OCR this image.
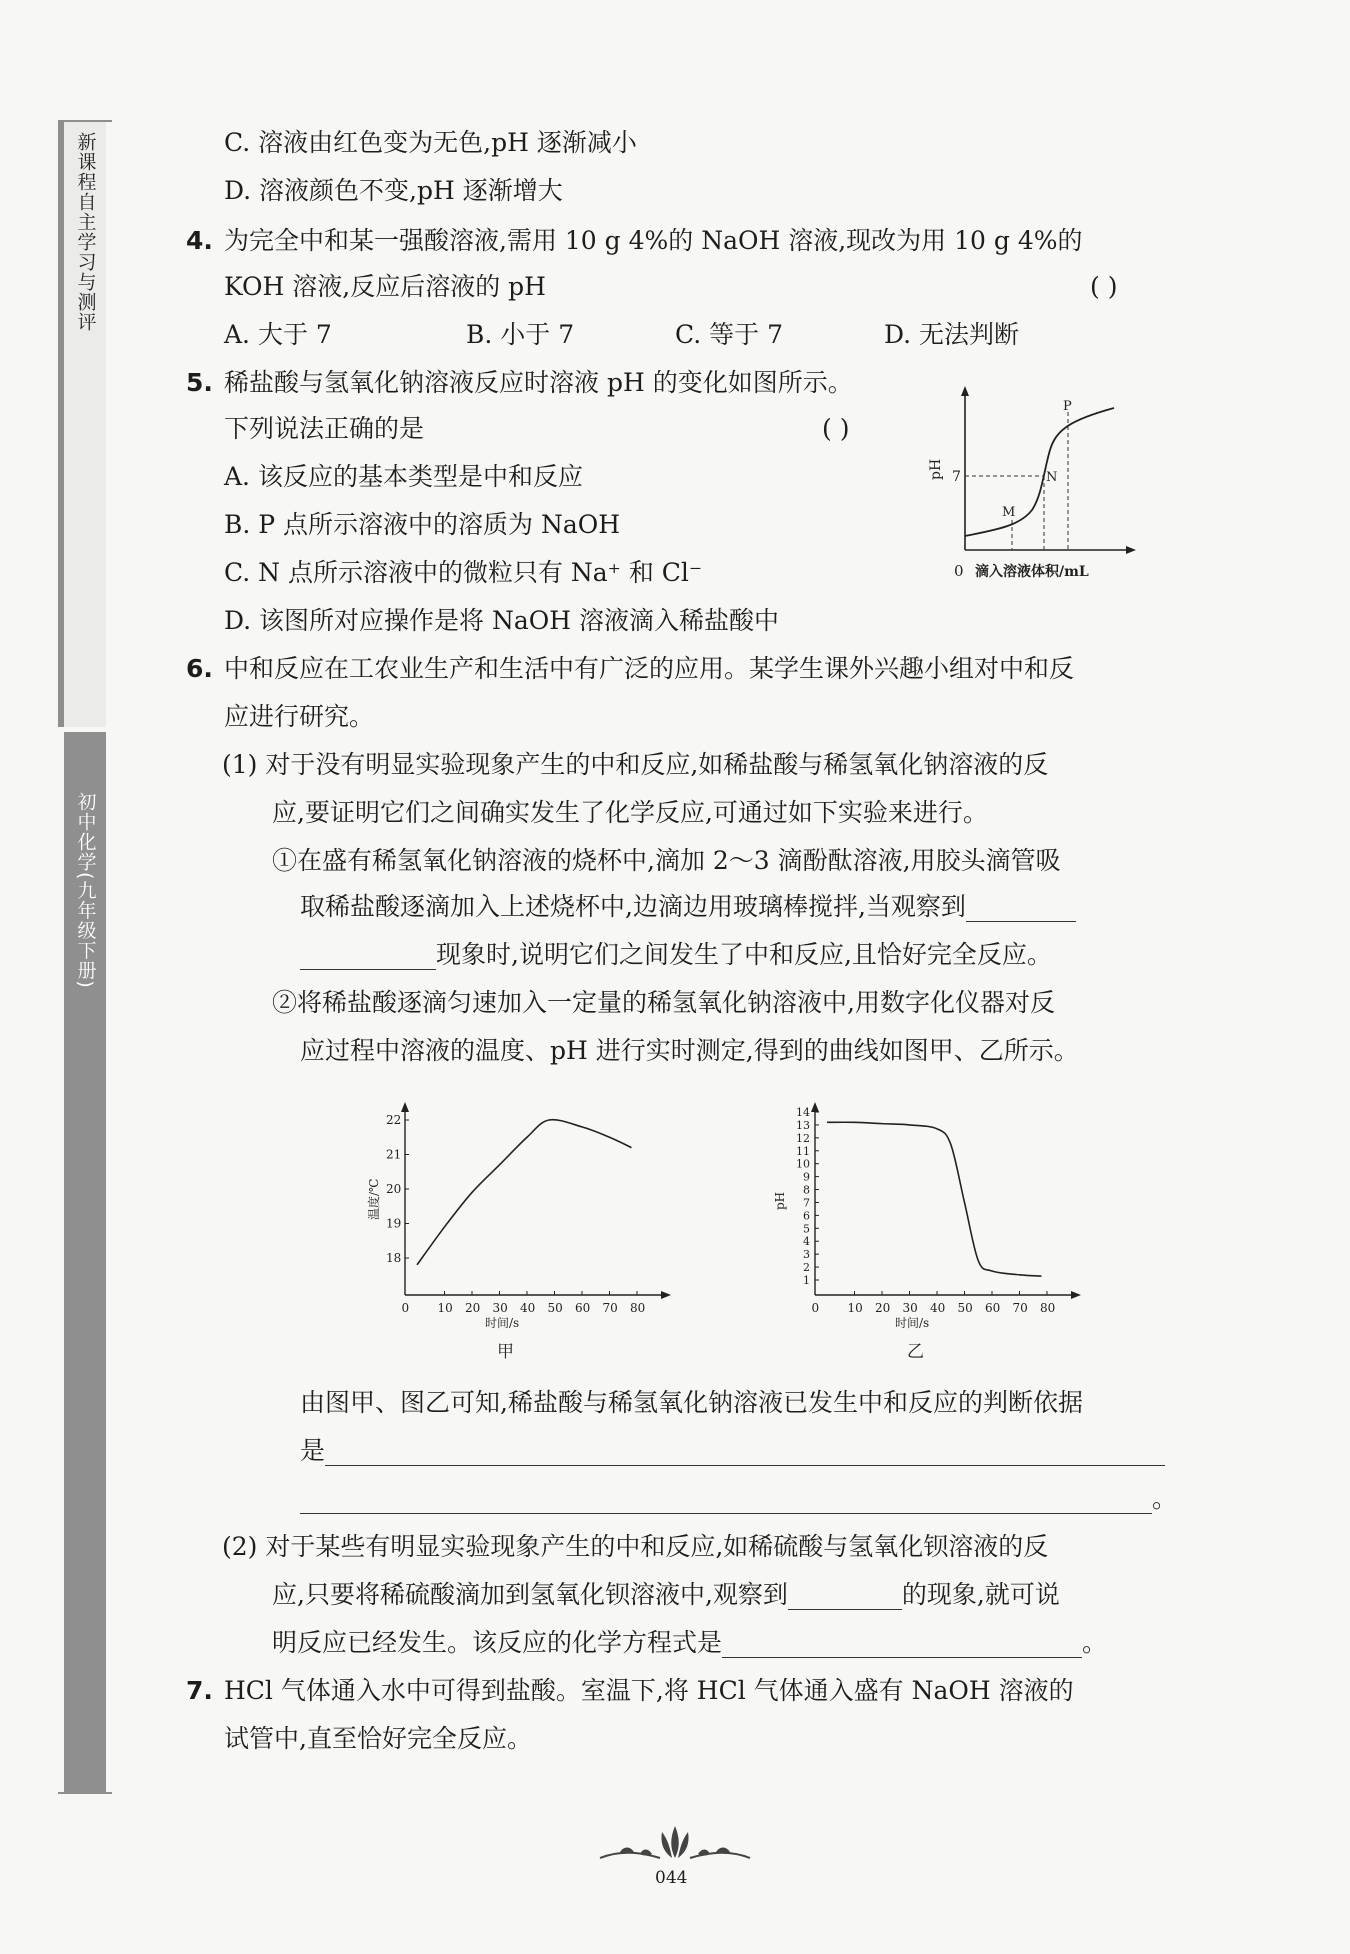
新课程自主学习与测评
初中化学(九年级下册)
C. 溶液由红色变为无色,pH 逐渐减小
D. 溶液颜色不变,pH 逐渐增大
4. 为完全中和某一强酸溶液,需用 10 g 4%的 NaOH 溶液,现改为用 10 g 4%的
KOH 溶液,反应后溶液的 pH	( )
A. 大于 7	B. 小于 7	C. 等于 7	D. 无法判断
5. 稀盐酸与氢氧化钠溶液反应时溶液 pH 的变化如图所示。
下列说法正确的是	( )
A. 该反应的基本类型是中和反应
B. P 点所示溶液中的溶质为 NaOH
C. N 点所示溶液中的微粒只有 Na⁺ 和 Cl⁻
D. 该图所对应操作是将 NaOH 溶液滴入稀盐酸中
pH 7
0 滴入溶液体积/mL
M
N
P
6. 中和反应在工农业生产和生活中有广泛的应用。某学生课外兴趣小组对中和反
应进行研究。
(1) 对于没有明显实验现象产生的中和反应,如稀盐酸与稀氢氧化钠溶液的反
应,要证明它们之间确实发生了化学反应,可通过如下实验来进行。
①在盛有稀氢氧化钠溶液的烧杯中,滴加 2～3 滴酚酞溶液,用胶头滴管吸
取稀盐酸逐滴加入上述烧杯中,边滴边用玻璃棒搅拌,当观察到
现象时,说明它们之间发生了中和反应,且恰好完全反应。
②将稀盐酸逐滴匀速加入一定量的稀氢氧化钠溶液中,用数字化仪器对反
应过程中溶液的温度、pH 进行实时测定,得到的曲线如图甲、乙所示。
0 10 20 30 40 50 60 70 80
18
19
20
21
22
温度/℃
时间/s
甲
0 10 20 30 40 50 60 70 80
1
2
3
4
5
6
7
8
9
10
11
12
13
14
pH
时间/s
乙
由图甲、图乙可知,稀盐酸与稀氢氧化钠溶液已发生中和反应的判断依据
是
。
(2) 对于某些有明显实验现象产生的中和反应,如稀硫酸与氢氧化钡溶液的反
应,只要将稀硫酸滴加到氢氧化钡溶液中,观察到	的现象,就可说
明反应已经发生。该反应的化学方程式是	。
7. HCl 气体通入水中可得到盐酸。室温下,将 HCl 气体通入盛有 NaOH 溶液的
试管中,直至恰好完全反应。
044
